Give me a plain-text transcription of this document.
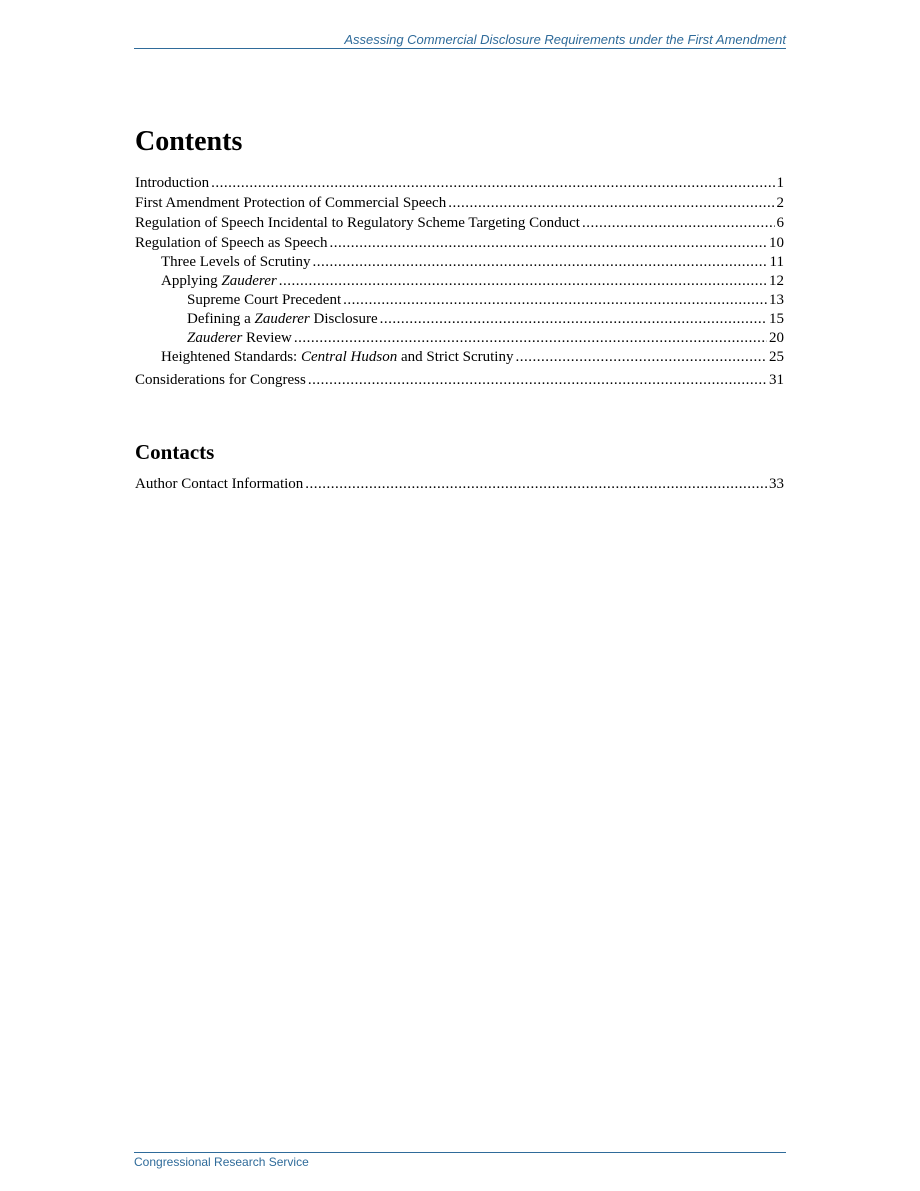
Assessing Commercial Disclosure Requirements under the First Amendment
Contents
Introduction .....	1
First Amendment Protection of Commercial Speech .....	2
Regulation of Speech Incidental to Regulatory Scheme Targeting Conduct .....	6
Regulation of Speech as Speech .....	10
Three Levels of Scrutiny .....	11
Applying Zauderer .....	12
Supreme Court Precedent .....	13
Defining a Zauderer Disclosure .....	15
Zauderer Review .....	20
Heightened Standards: Central Hudson and Strict Scrutiny .....	25
Considerations for Congress .....	31
Contacts
Author Contact Information .....	33
Congressional Research Service
